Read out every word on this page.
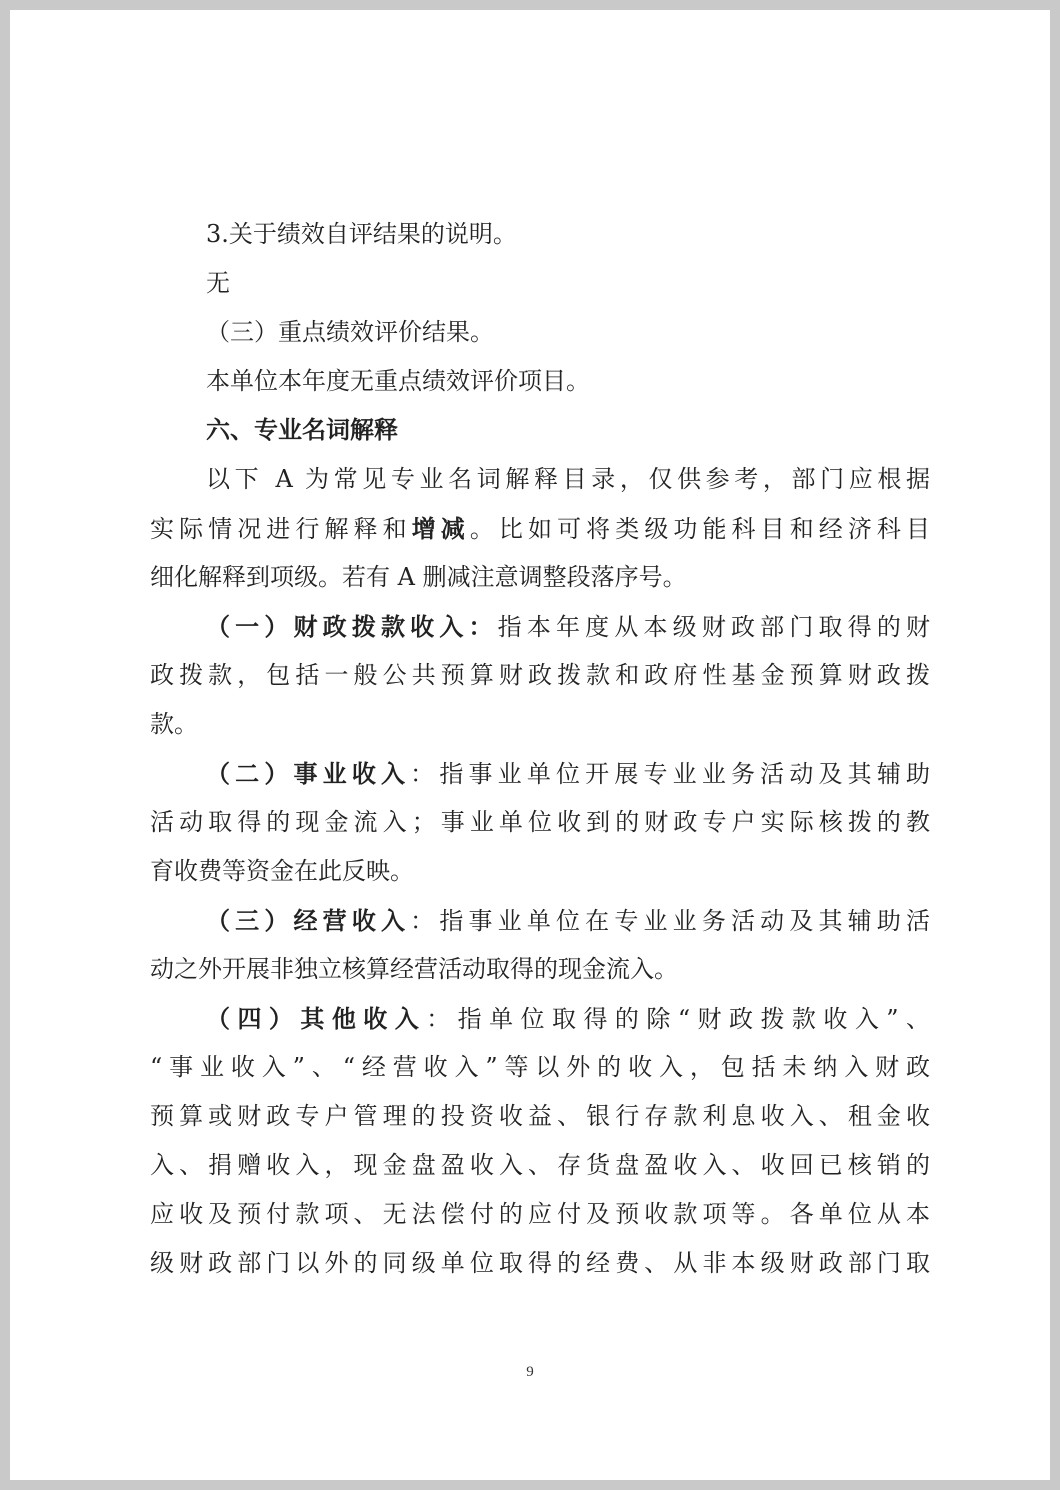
3.关于绩效自评结果的说明。
无
（三）重点绩效评价结果。
本单位本年度无重点绩效评价项目。
六、专业名词解释
以下 A 为常见专业名词解释目录，仅供参考，部门应根据
实际情况进行解释和增减。比如可将类级功能科目和经济科目
细化解释到项级。若有 A 删减注意调整段落序号。
（一）财政拨款收入：指本年度从本级财政部门取得的财
政拨款，包括一般公共预算财政拨款和政府性基金预算财政拨
款。
（二）事业收入：指事业单位开展专业业务活动及其辅助
活动取得的现金流入；事业单位收到的财政专户实际核拨的教
育收费等资金在此反映。
（三）经营收入：指事业单位在专业业务活动及其辅助活
动之外开展非独立核算经营活动取得的现金流入。
（四）其他收入：指单位取得的除“财政拨款收入”、
“事业收入”、“经营收入”等以外的收入，包括未纳入财政
预算或财政专户管理的投资收益、银行存款利息收入、租金收
入、捐赠收入，现金盘盈收入、存货盘盈收入、收回已核销的
应收及预付款项、无法偿付的应付及预收款项等。各单位从本
级财政部门以外的同级单位取得的经费、从非本级财政部门取
9
